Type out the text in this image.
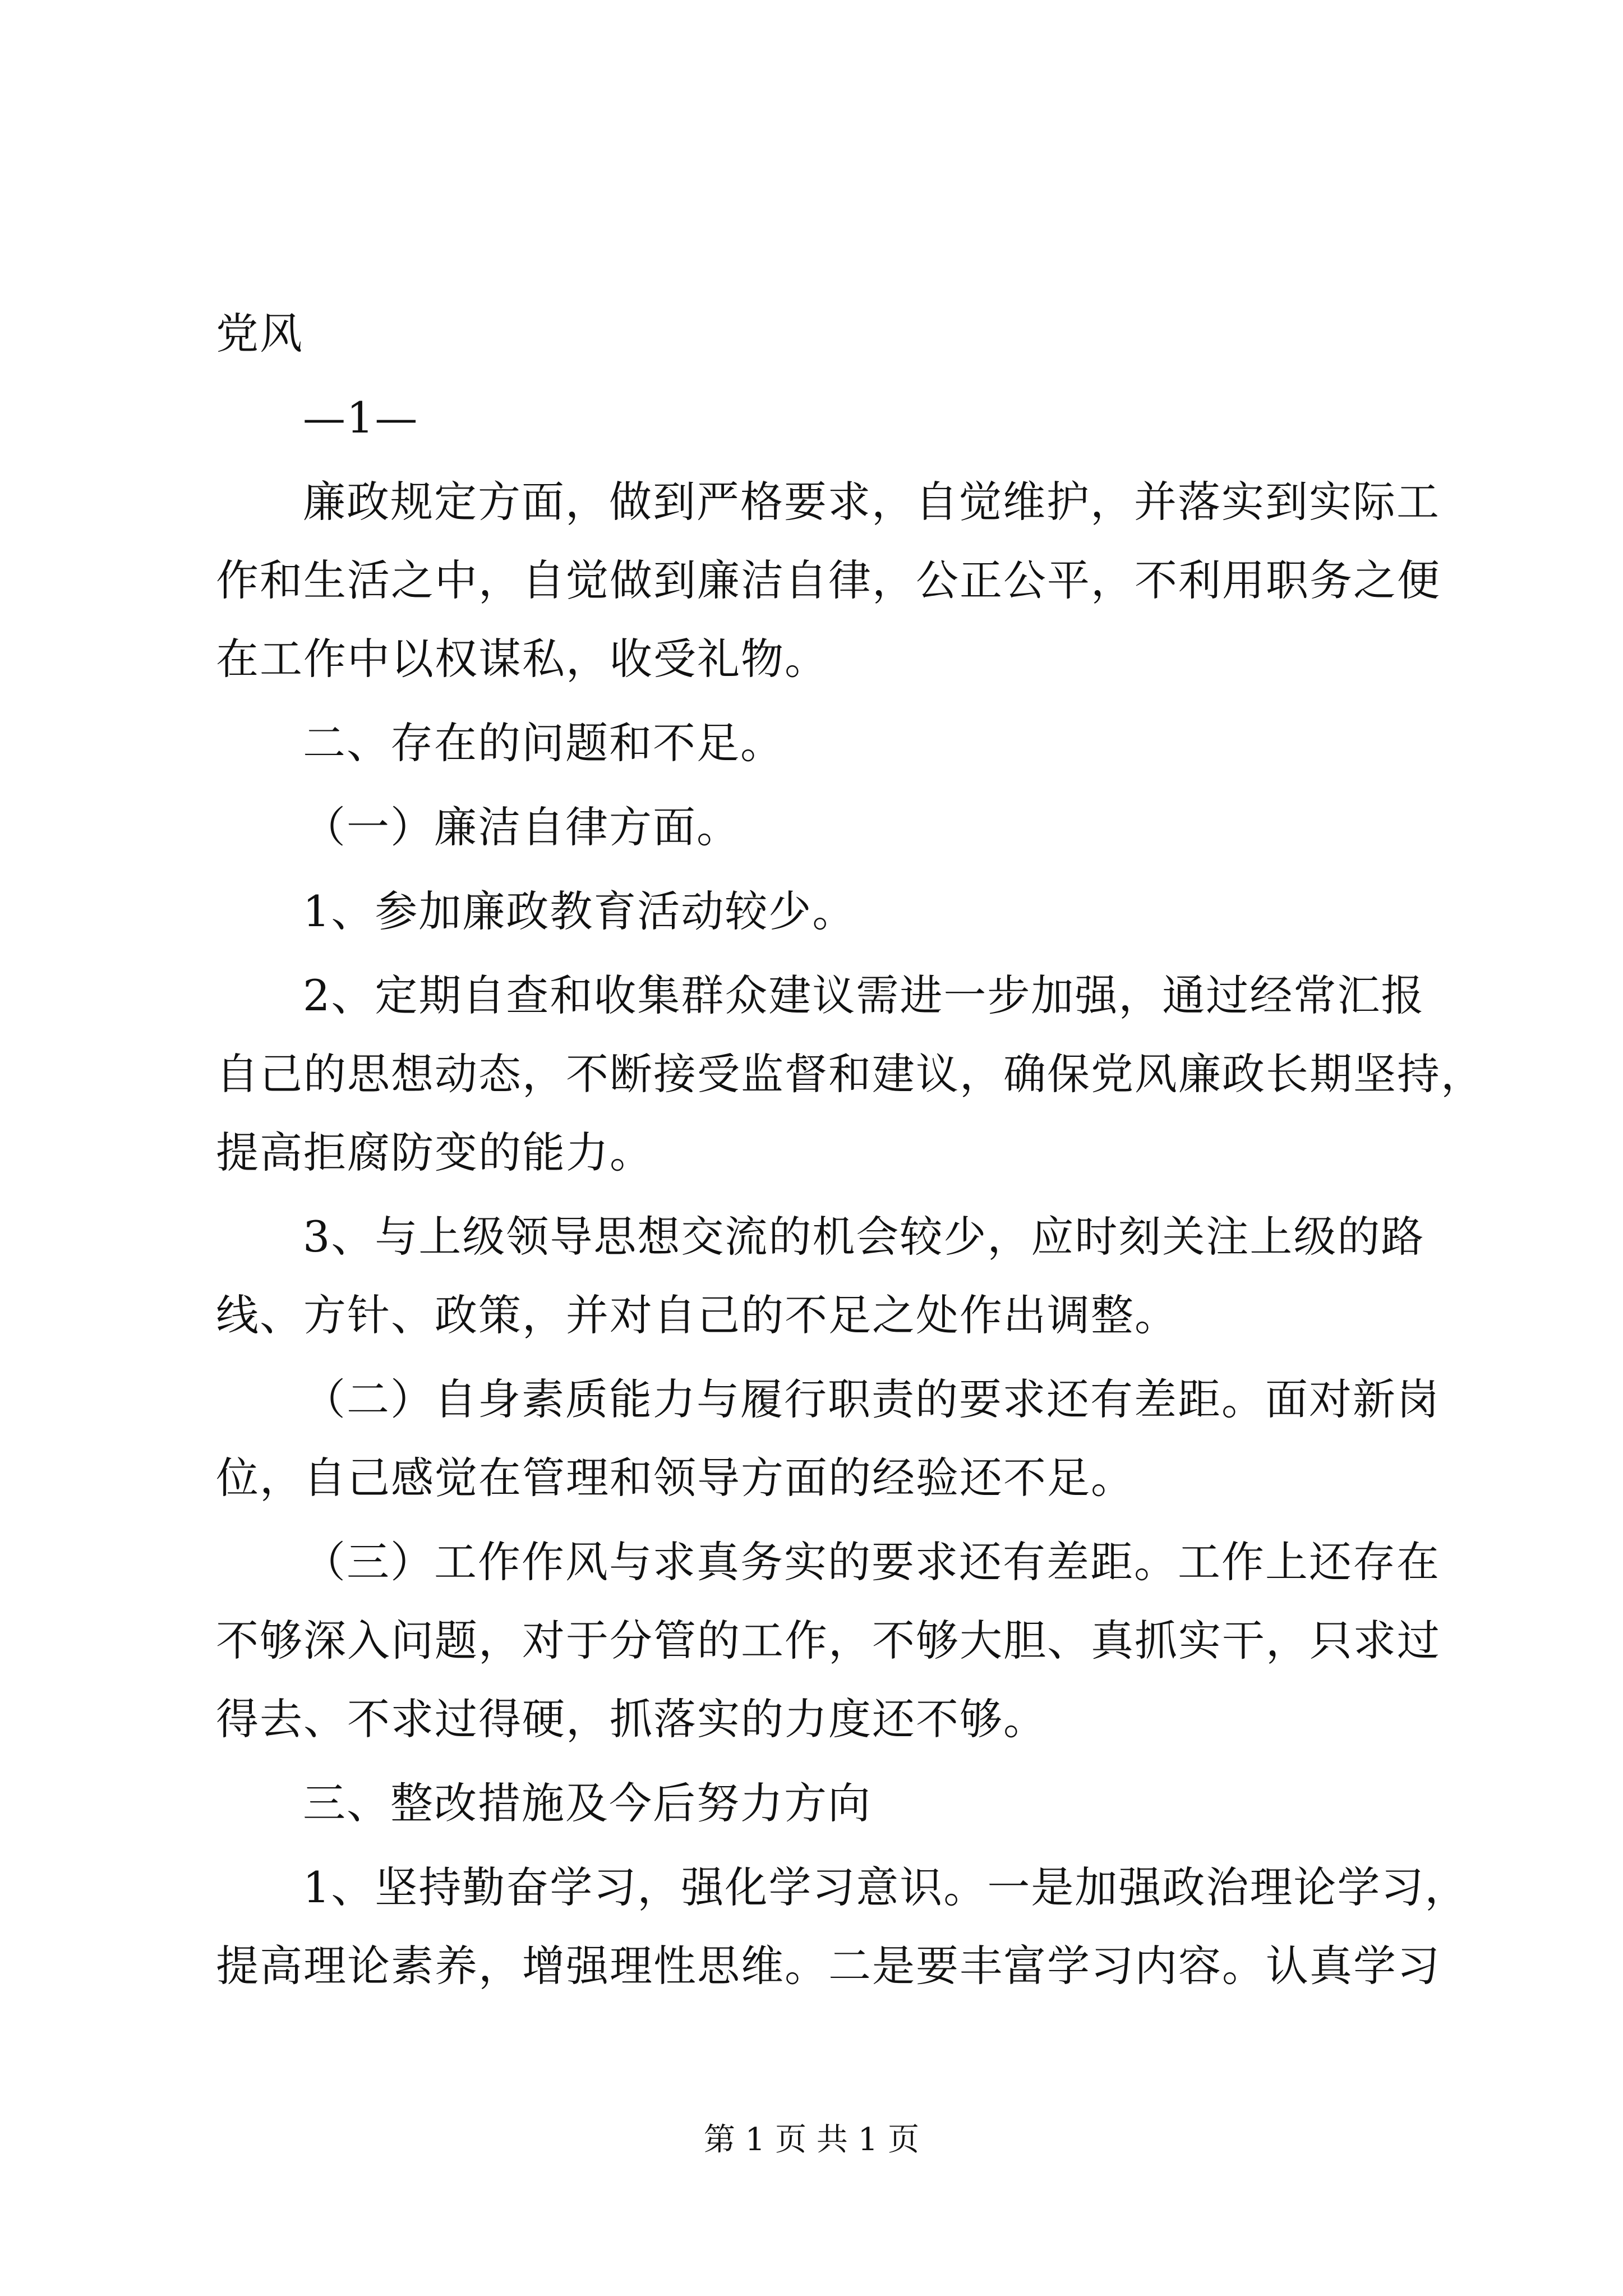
党风
—1—
廉政规定方面，做到严格要求，自觉维护，并落实到实际工
作和生活之中，自觉做到廉洁自律，公正公平，不利用职务之便
在工作中以权谋私，收受礼物。
二、存在的问题和不足。
（一）廉洁自律方面。
1、参加廉政教育活动较少。
2、定期自查和收集群众建议需进一步加强，通过经常汇报
自己的思想动态，不断接受监督和建议，确保党风廉政长期坚持，
提高拒腐防变的能力。
3、与上级领导思想交流的机会较少，应时刻关注上级的路
线、方针、政策，并对自己的不足之处作出调整。
（二）自身素质能力与履行职责的要求还有差距。面对新岗
位，自己感觉在管理和领导方面的经验还不足。
（三）工作作风与求真务实的要求还有差距。工作上还存在
不够深入问题，对于分管的工作，不够大胆、真抓实干，只求过
得去、不求过得硬，抓落实的力度还不够。
三、整改措施及今后努力方向
1、坚持勤奋学习，强化学习意识。一是加强政治理论学习，
提高理论素养，增强理性思维。二是要丰富学习内容。认真学习
第 1 页 共 1 页
